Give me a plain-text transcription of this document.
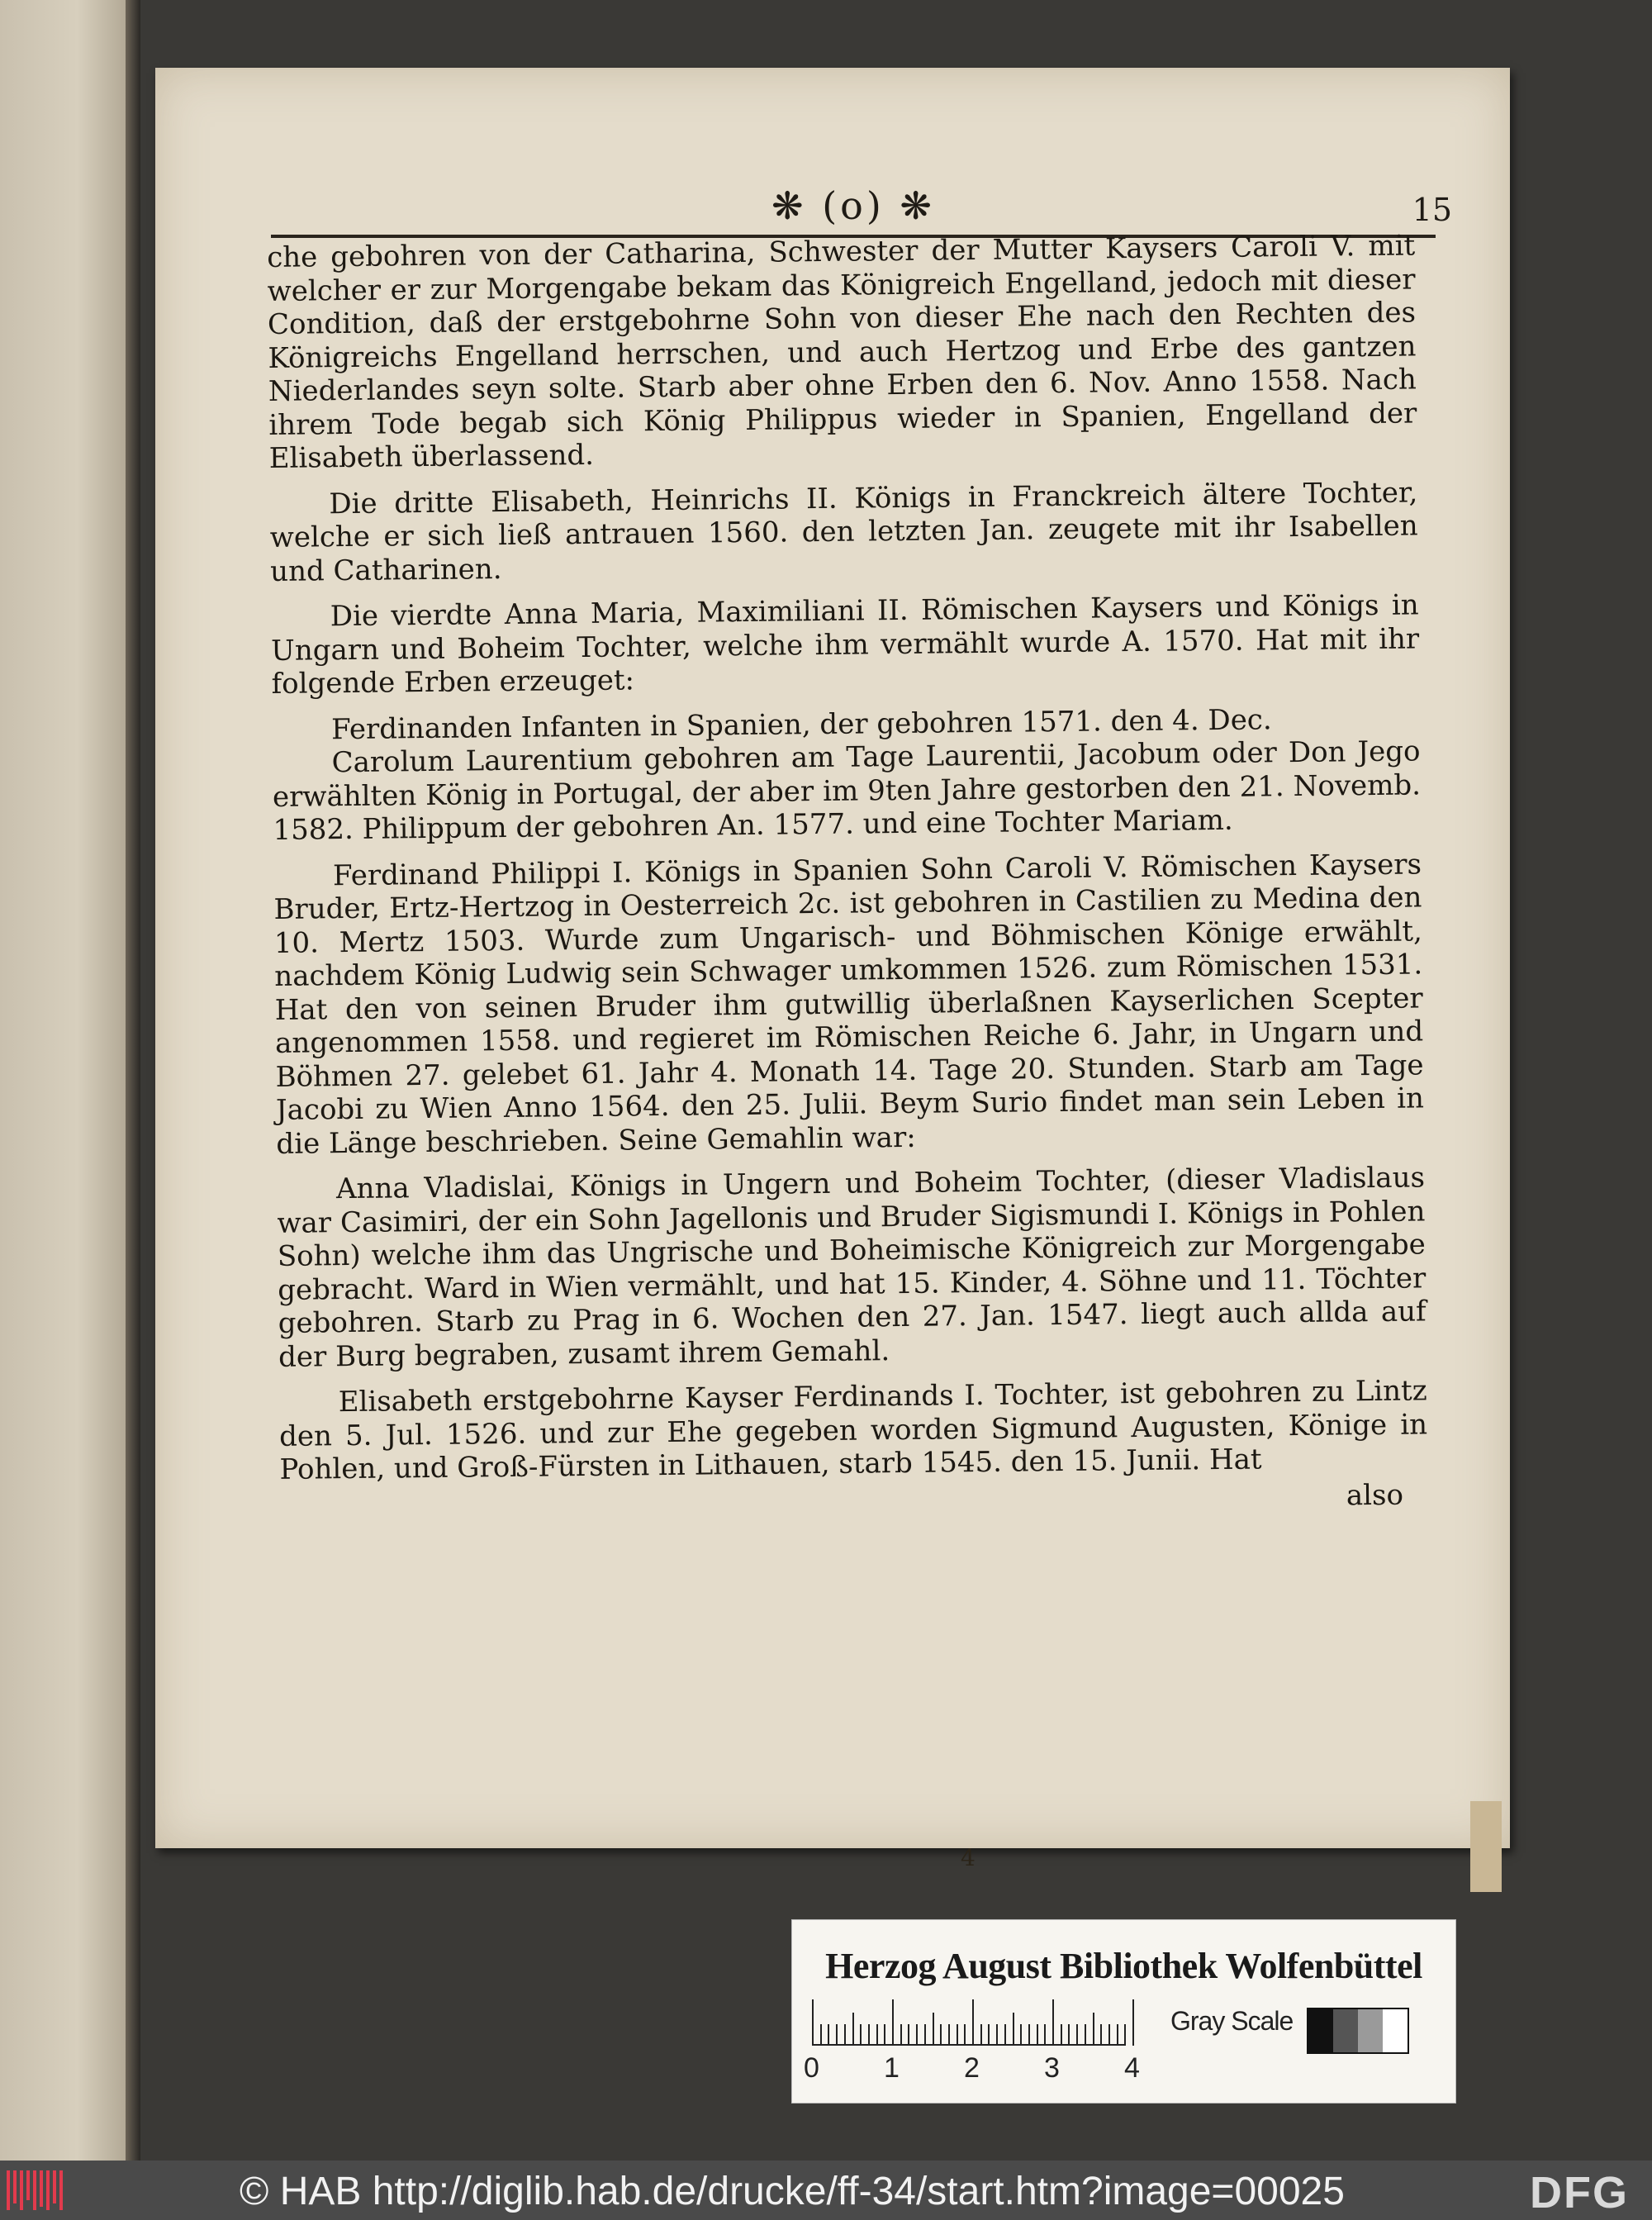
❋ (o) ❋	15

che gebohren von der Catharina, Schwester der Mutter Kaysers Caroli V. mit welcher er zur Morgengabe bekam das Königreich Engelland, jedoch mit dieser Condition, daß der erstgebohrne Sohn von dieser Ehe nach den Rechten des Königreichs Engelland herrschen, und auch Hertzog und Erbe des gantzen Niederlandes seyn solte. Starb aber ohne Erben den 6. Nov. Anno 1558. Nach ihrem Tode begab sich König Philippus wieder in Spanien, Engelland der Elisabeth überlassend.

Die dritte Elisabeth, Heinrichs II. Königs in Franckreich ältere Tochter, welche er sich ließ antrauen 1560. den letzten Jan. zeugete mit ihr Isabellen und Catharinen.

Die vierdte Anna Maria, Maximiliani II. Römischen Kaysers und Königs in Ungarn und Boheim Tochter, welche ihm vermählt wurde A. 1570. Hat mit ihr folgende Erben erzeuget:

Ferdinanden Infanten in Spanien, der gebohren 1571. den 4. Dec.

Carolum Laurentium gebohren am Tage Laurentii, Jacobum oder Don Jego erwählten König in Portugal, der aber im 9ten Jahre gestorben den 21. Novemb. 1582. Philippum der gebohren An. 1577. und eine Tochter Mariam.

Ferdinand Philippi I. Königs in Spanien Sohn Caroli V. Römischen Kaysers Bruder, Ertz-Hertzog in Oesterreich 2c. ist gebohren in Castilien zu Medina den 10. Mertz 1503. Wurde zum Ungarisch- und Böhmischen Könige erwählt, nachdem König Ludwig sein Schwager umkommen 1526. zum Römischen 1531. Hat den von seinen Bruder ihm gutwillig überlaßnen Kayserlichen Scepter angenommen 1558. und regieret im Römischen Reiche 6. Jahr, in Ungarn und Böhmen 27. gelebet 61. Jahr 4. Monath 14. Tage 20. Stunden. Starb am Tage Jacobi zu Wien Anno 1564. den 25. Julii. Beym Surio findet man sein Leben in die Länge beschrieben. Seine Gemahlin war:

Anna Vladislai, Königs in Ungern und Boheim Tochter, (dieser Vladislaus war Casimiri, der ein Sohn Jagellonis und Bruder Sigismundi I. Königs in Pohlen Sohn) welche ihm das Ungrische und Boheimische Königreich zur Morgengabe gebracht. Ward in Wien vermählt, und hat 15. Kinder, 4. Söhne und 11. Töchter gebohren. Starb zu Prag in 6. Wochen den 27. Jan. 1547. liegt auch allda auf der Burg begraben, zusamt ihrem Gemahl.

Elisabeth erstgebohrne Kayser Ferdinands I. Tochter, ist gebohren zu Lintz den 5. Jul. 1526. und zur Ehe gegeben worden Sigmund Augusten, Könige in Pohlen, und Groß-Fürsten in Lithauen, starb 1545. den 15. Junii. Hat

also

4
Herzog August Bibliothek Wolfenbüttel
0 1 2 3 4
Gray Scale
© HAB http://diglib.hab.de/drucke/ff-34/start.htm?image=00025	DFG
